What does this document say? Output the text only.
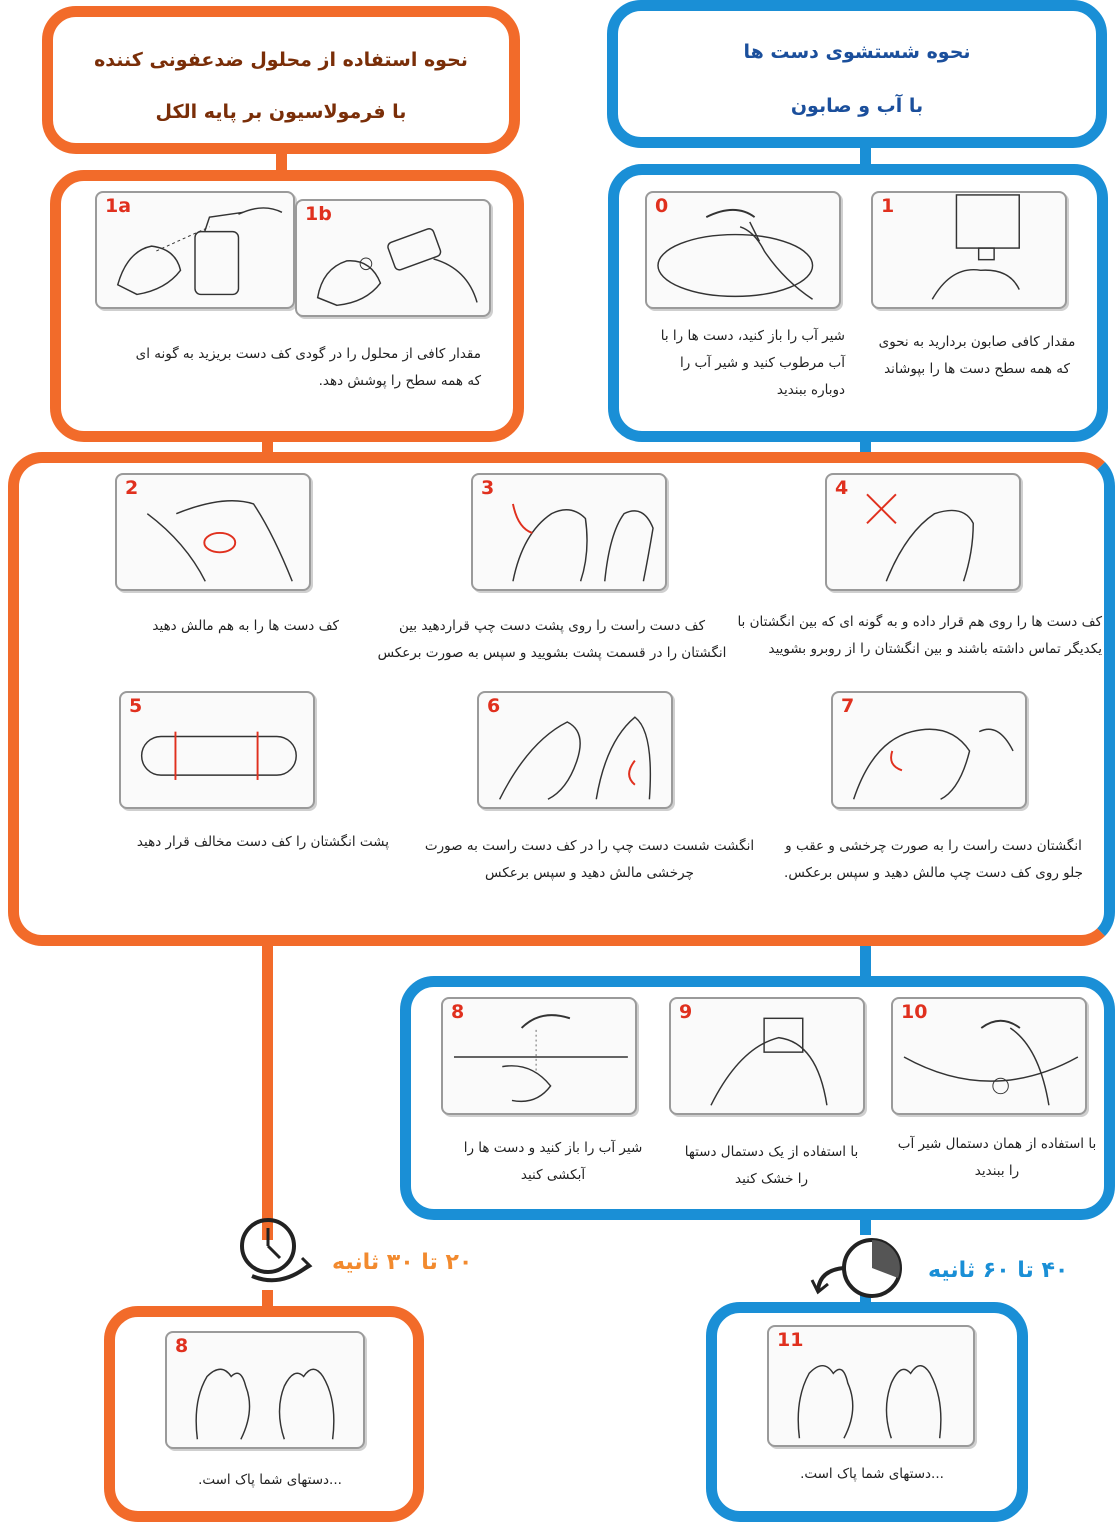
نحوه استفاده از محلول ضدعفونی کننده
با فرمولاسیون بر پایه الکل
نحوه شستشوی دست ها
با آب و صابون
1a	1b
مقدار کافی از محلول را در گودی کف دست بریزید به گونه ای که همه سطح را پوشش دهد.
0	1
شیر آب را باز کنید، دست ها را با آب مرطوب کنید و شیر آب را دوباره ببندید
مقدار کافی صابون بردارید به نحوی که همه سطح دست ها را بپوشاند
2	3	4
کف دست ها را به هم مالش دهید	کف دست راست را روی پشت دست چپ قراردهید بین انگشتان را در قسمت پشت بشویید و سپس به صورت برعکس
کف دست ها را روی هم قرار داده و به گونه ای که بین انگشتان با یکدیگر تماس داشته باشند و بین انگشتان را از روبرو بشویید
5	6	7
پشت انگشتان را کف دست مخالف قرار دهید	انگشت شست دست چپ را در کف دست راست به صورت چرخشی مالش دهید و سپس برعکس
انگشتان دست راست را به صورت چرخشی و عقب و جلو روی کف دست چپ مالش دهید و سپس برعکس.
8	9	10
شیر آب را باز کنید و دست ها را آبکشی کنید
با استفاده از یک دستمال دستها را خشک کنید
با استفاده از همان دستمال شیر آب را ببندید
۲۰ تا ۳۰ ثانیه	۴۰ تا ۶۰ ثانیه
8
...دستهای شما پاک است.
11
...دستهای شما پاک است.
